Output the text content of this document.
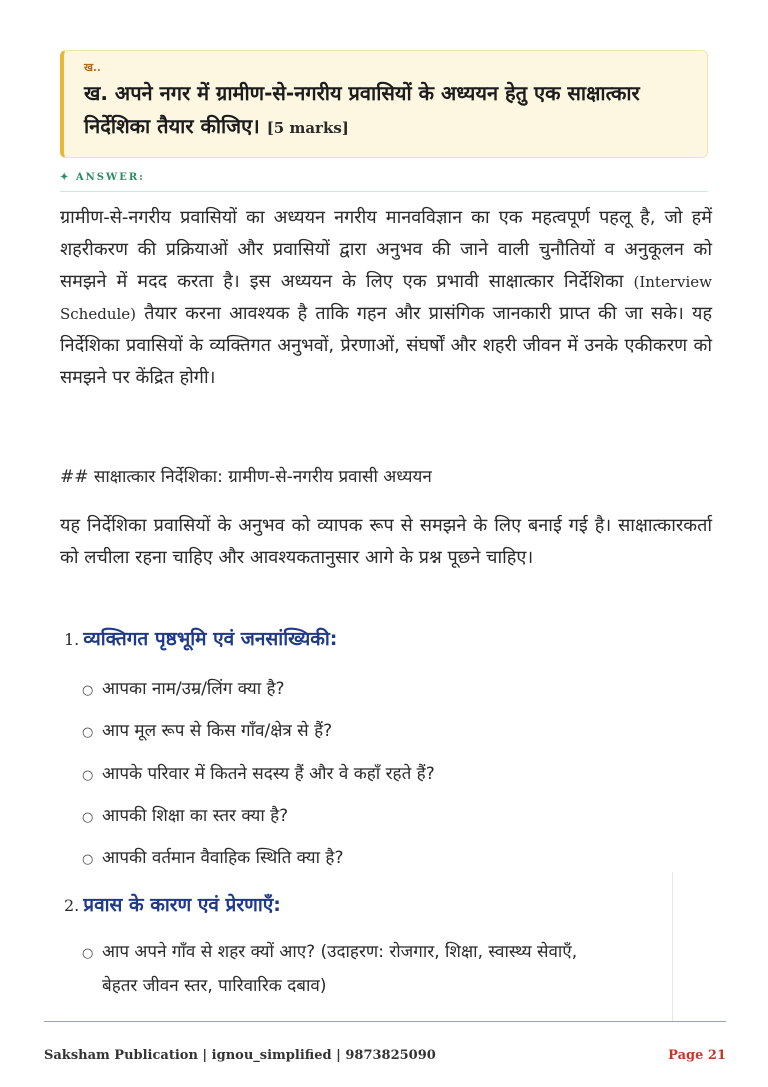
ख..
ख. अपने नगर में ग्रामीण-से-नगरीय प्रवासियों के अध्ययन हेतु एक साक्षात्कार निर्देशिका तैयार कीजिए। [5 marks]
✦ ANSWER:

ग्रामीण-से-नगरीय प्रवासियों का अध्ययन नगरीय मानवविज्ञान का एक महत्वपूर्ण पहलू है, जो हमें शहरीकरण की प्रक्रियाओं और प्रवासियों द्वारा अनुभव की जाने वाली चुनौतियों व अनुकूलन को समझने में मदद करता है। इस अध्ययन के लिए एक प्रभावी साक्षात्कार निर्देशिका (Interview Schedule) तैयार करना आवश्यक है ताकि गहन और प्रासंगिक जानकारी प्राप्त की जा सके। यह निर्देशिका प्रवासियों के व्यक्तिगत अनुभवों, प्रेरणाओं, संघर्षों और शहरी जीवन में उनके एकीकरण को समझने पर केंद्रित होगी।

## साक्षात्कार निर्देशिका: ग्रामीण-से-नगरीय प्रवासी अध्ययन

यह निर्देशिका प्रवासियों के अनुभव को व्यापक रूप से समझने के लिए बनाई गई है। साक्षात्कारकर्ता को लचीला रहना चाहिए और आवश्यकतानुसार आगे के प्रश्न पूछने चाहिए।

1. व्यक्तिगत पृष्ठभूमि एवं जनसांख्यिकी:
○ आपका नाम/उम्र/लिंग क्या है?
○ आप मूल रूप से किस गाँव/क्षेत्र से हैं?
○ आपके परिवार में कितने सदस्य हैं और वे कहाँ रहते हैं?
○ आपकी शिक्षा का स्तर क्या है?
○ आपकी वर्तमान वैवाहिक स्थिति क्या है?
2. प्रवास के कारण एवं प्रेरणाएँ:
○ आप अपने गाँव से शहर क्यों आए? (उदाहरण: रोजगार, शिक्षा, स्वास्थ्य सेवाएँ,
बेहतर जीवन स्तर, पारिवारिक दबाव)
Saksham Publication | ignou_simplified | 9873825090	Page 21
